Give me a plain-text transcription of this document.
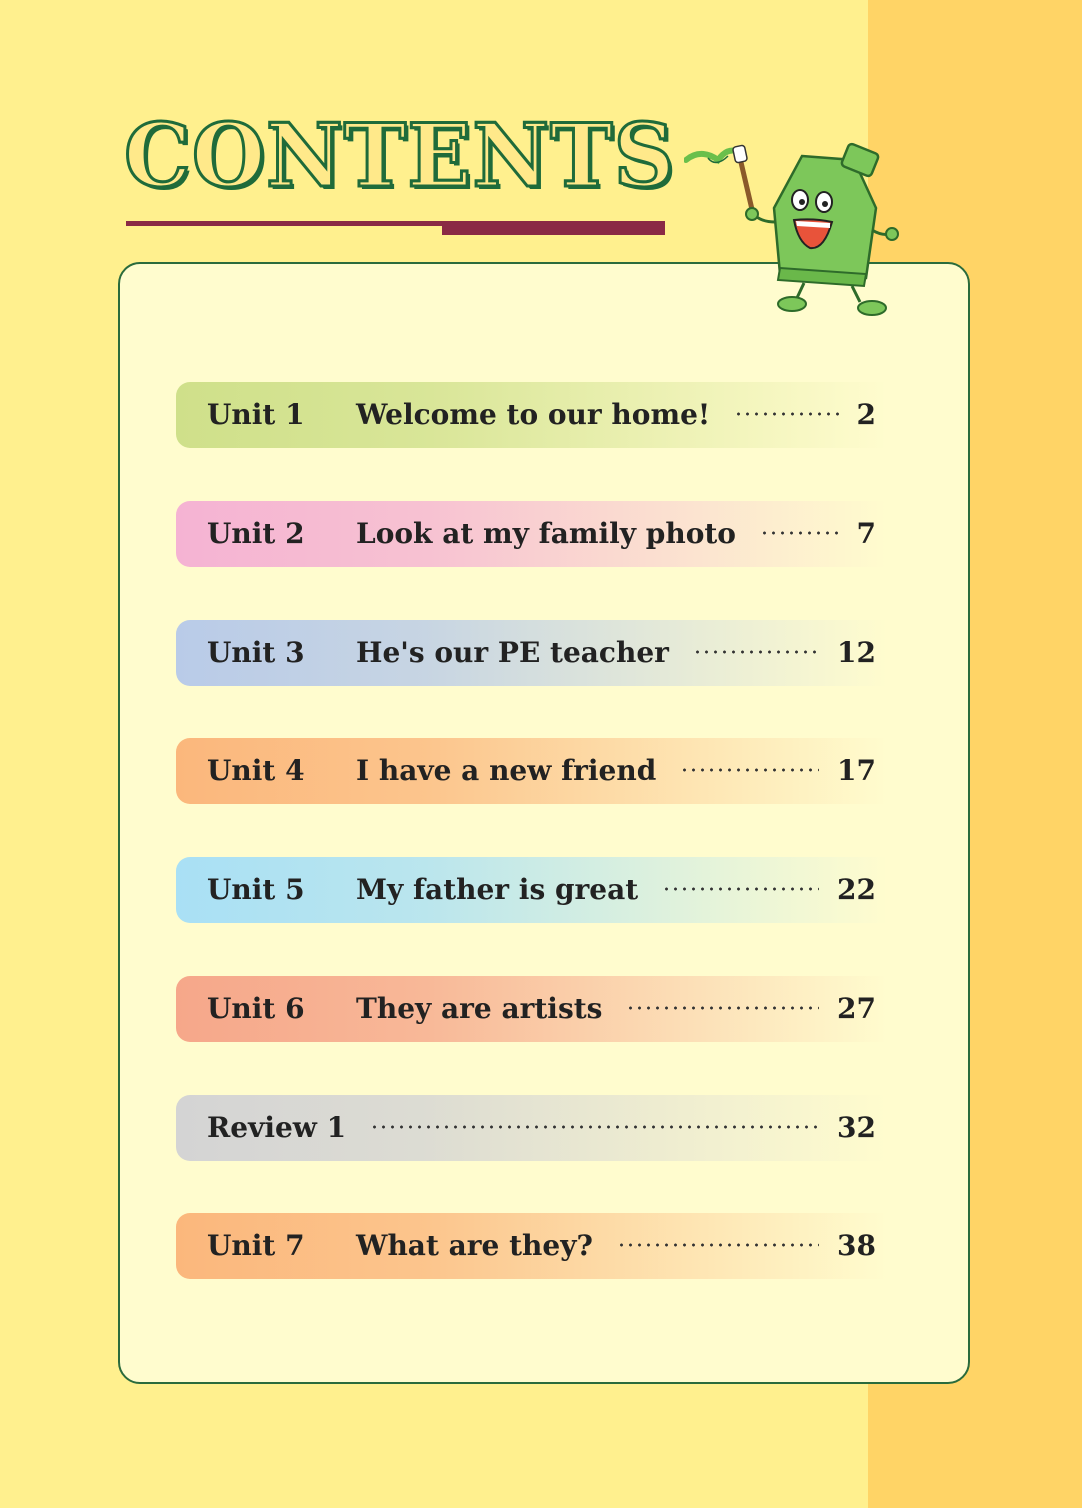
CONTENTS
Unit 1 Welcome to our home!	2
Unit 2 Look at my family photo	7
Unit 3 He's our PE teacher	12
Unit 4 I have a new friend	17
Unit 5 My father is great	22
Unit 6 They are artists	27
Review 1	32
Unit 7 What are they?	38
